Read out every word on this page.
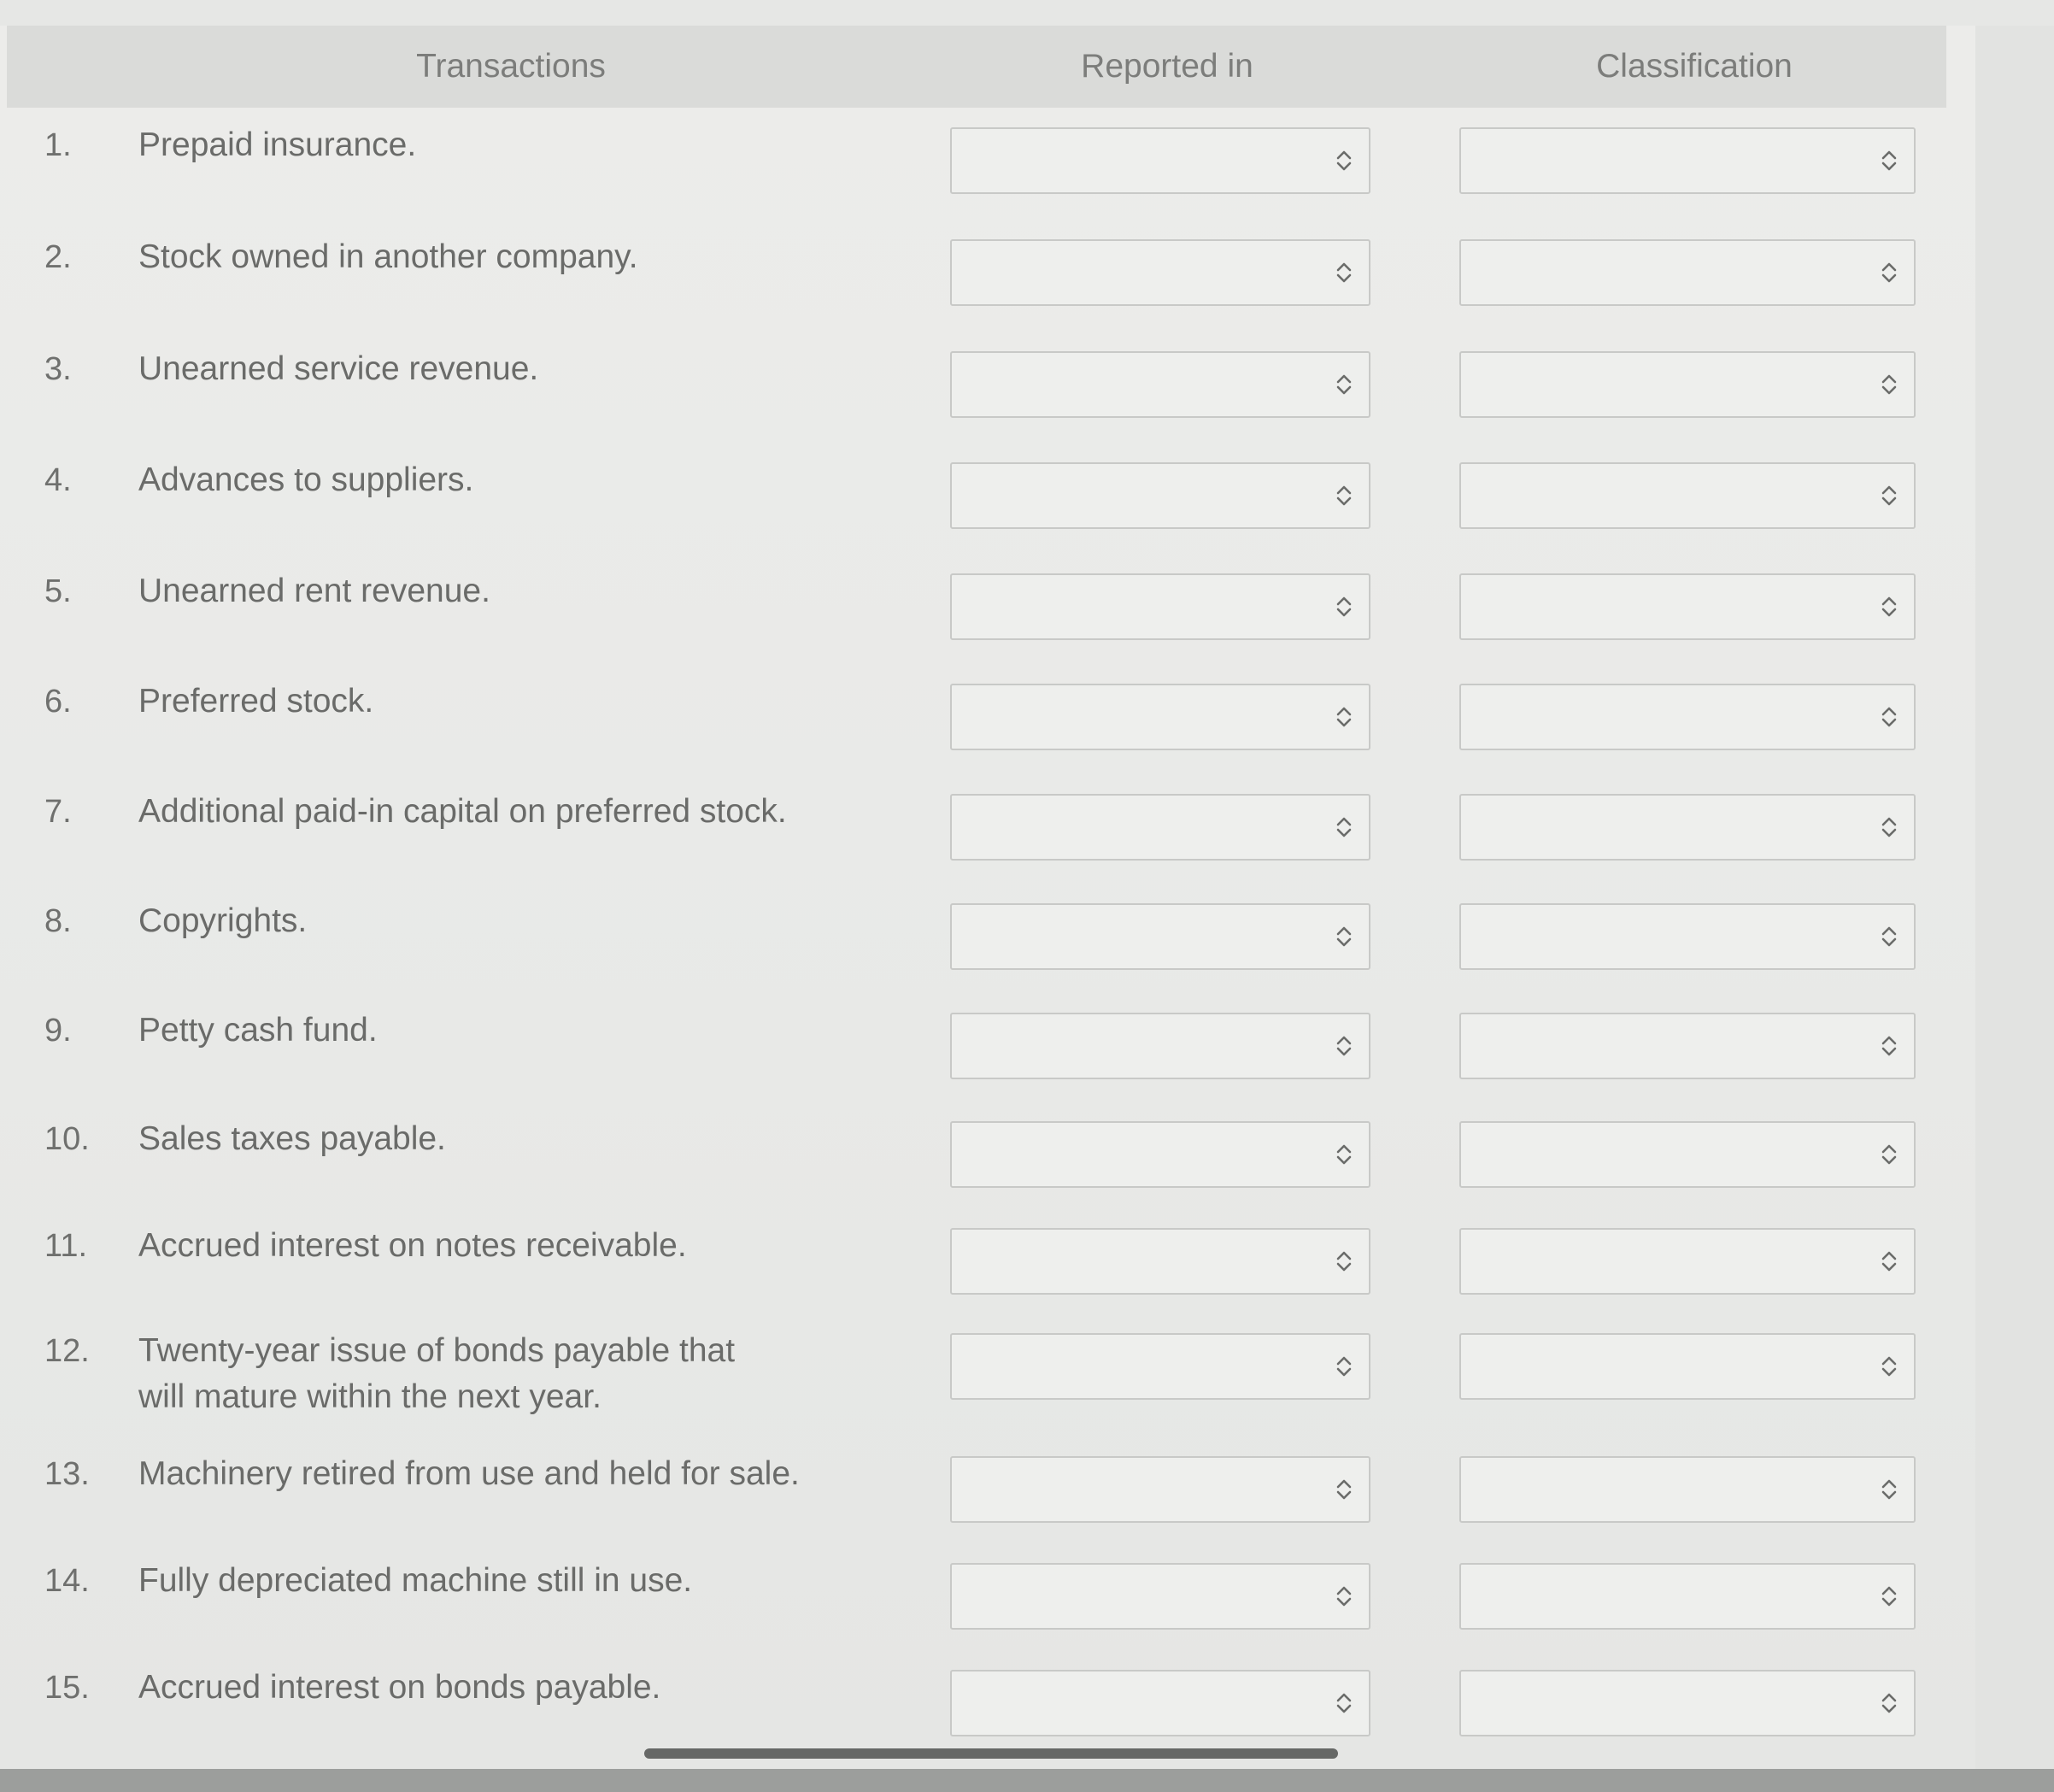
Transactions	Reported in	Classification
1.	Prepaid insurance.
2.	Stock owned in another company.
3.	Unearned service revenue.
4.	Advances to suppliers.
5.	Unearned rent revenue.
6.	Preferred stock.
7.	Additional paid-in capital on preferred stock.
8.	Copyrights.
9.	Petty cash fund.
10.	Sales taxes payable.
11.	Accrued interest on notes receivable.
12.	Twenty-year issue of bonds payable that will mature within the next year.
13.	Machinery retired from use and held for sale.
14.	Fully depreciated machine still in use.
15.	Accrued interest on bonds payable.
